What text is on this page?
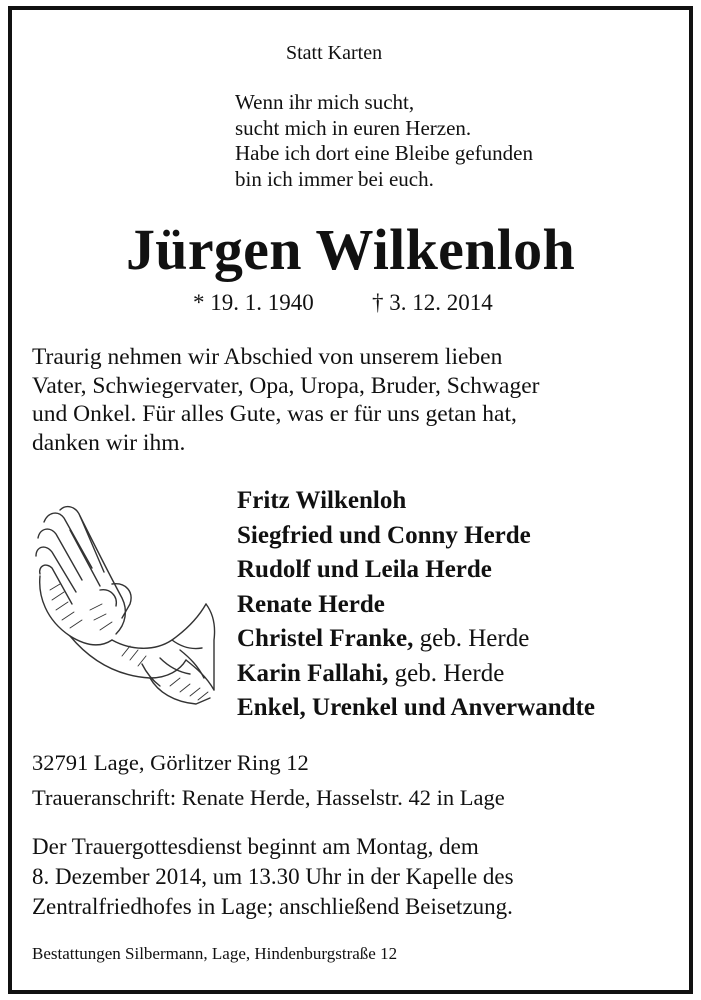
Statt Karten
Wenn ihr mich sucht,
sucht mich in euren Herzen.
Habe ich dort eine Bleibe gefunden
bin ich immer bei euch.
Jürgen Wilkenloh
* 19. 1. 1940	† 3. 12. 2014
Traurig nehmen wir Abschied von unserem lieben
Vater, Schwiegervater, Opa, Uropa, Bruder, Schwager
und Onkel. Für alles Gute, was er für uns getan hat,
danken wir ihm.
Fritz Wilkenloh
Siegfried und Conny Herde
Rudolf und Leila Herde
Renate Herde
Christel Franke, geb. Herde
Karin Fallahi, geb. Herde
Enkel, Urenkel und Anverwandte
32791 Lage, Görlitzer Ring 12
Traueranschrift: Renate Herde, Hasselstr. 42 in Lage
Der Trauergottesdienst beginnt am Montag, dem
8. Dezember 2014, um 13.30 Uhr in der Kapelle des
Zentralfriedhofes in Lage; anschließend Beisetzung.
Bestattungen Silbermann, Lage, Hindenburgstraße 12
